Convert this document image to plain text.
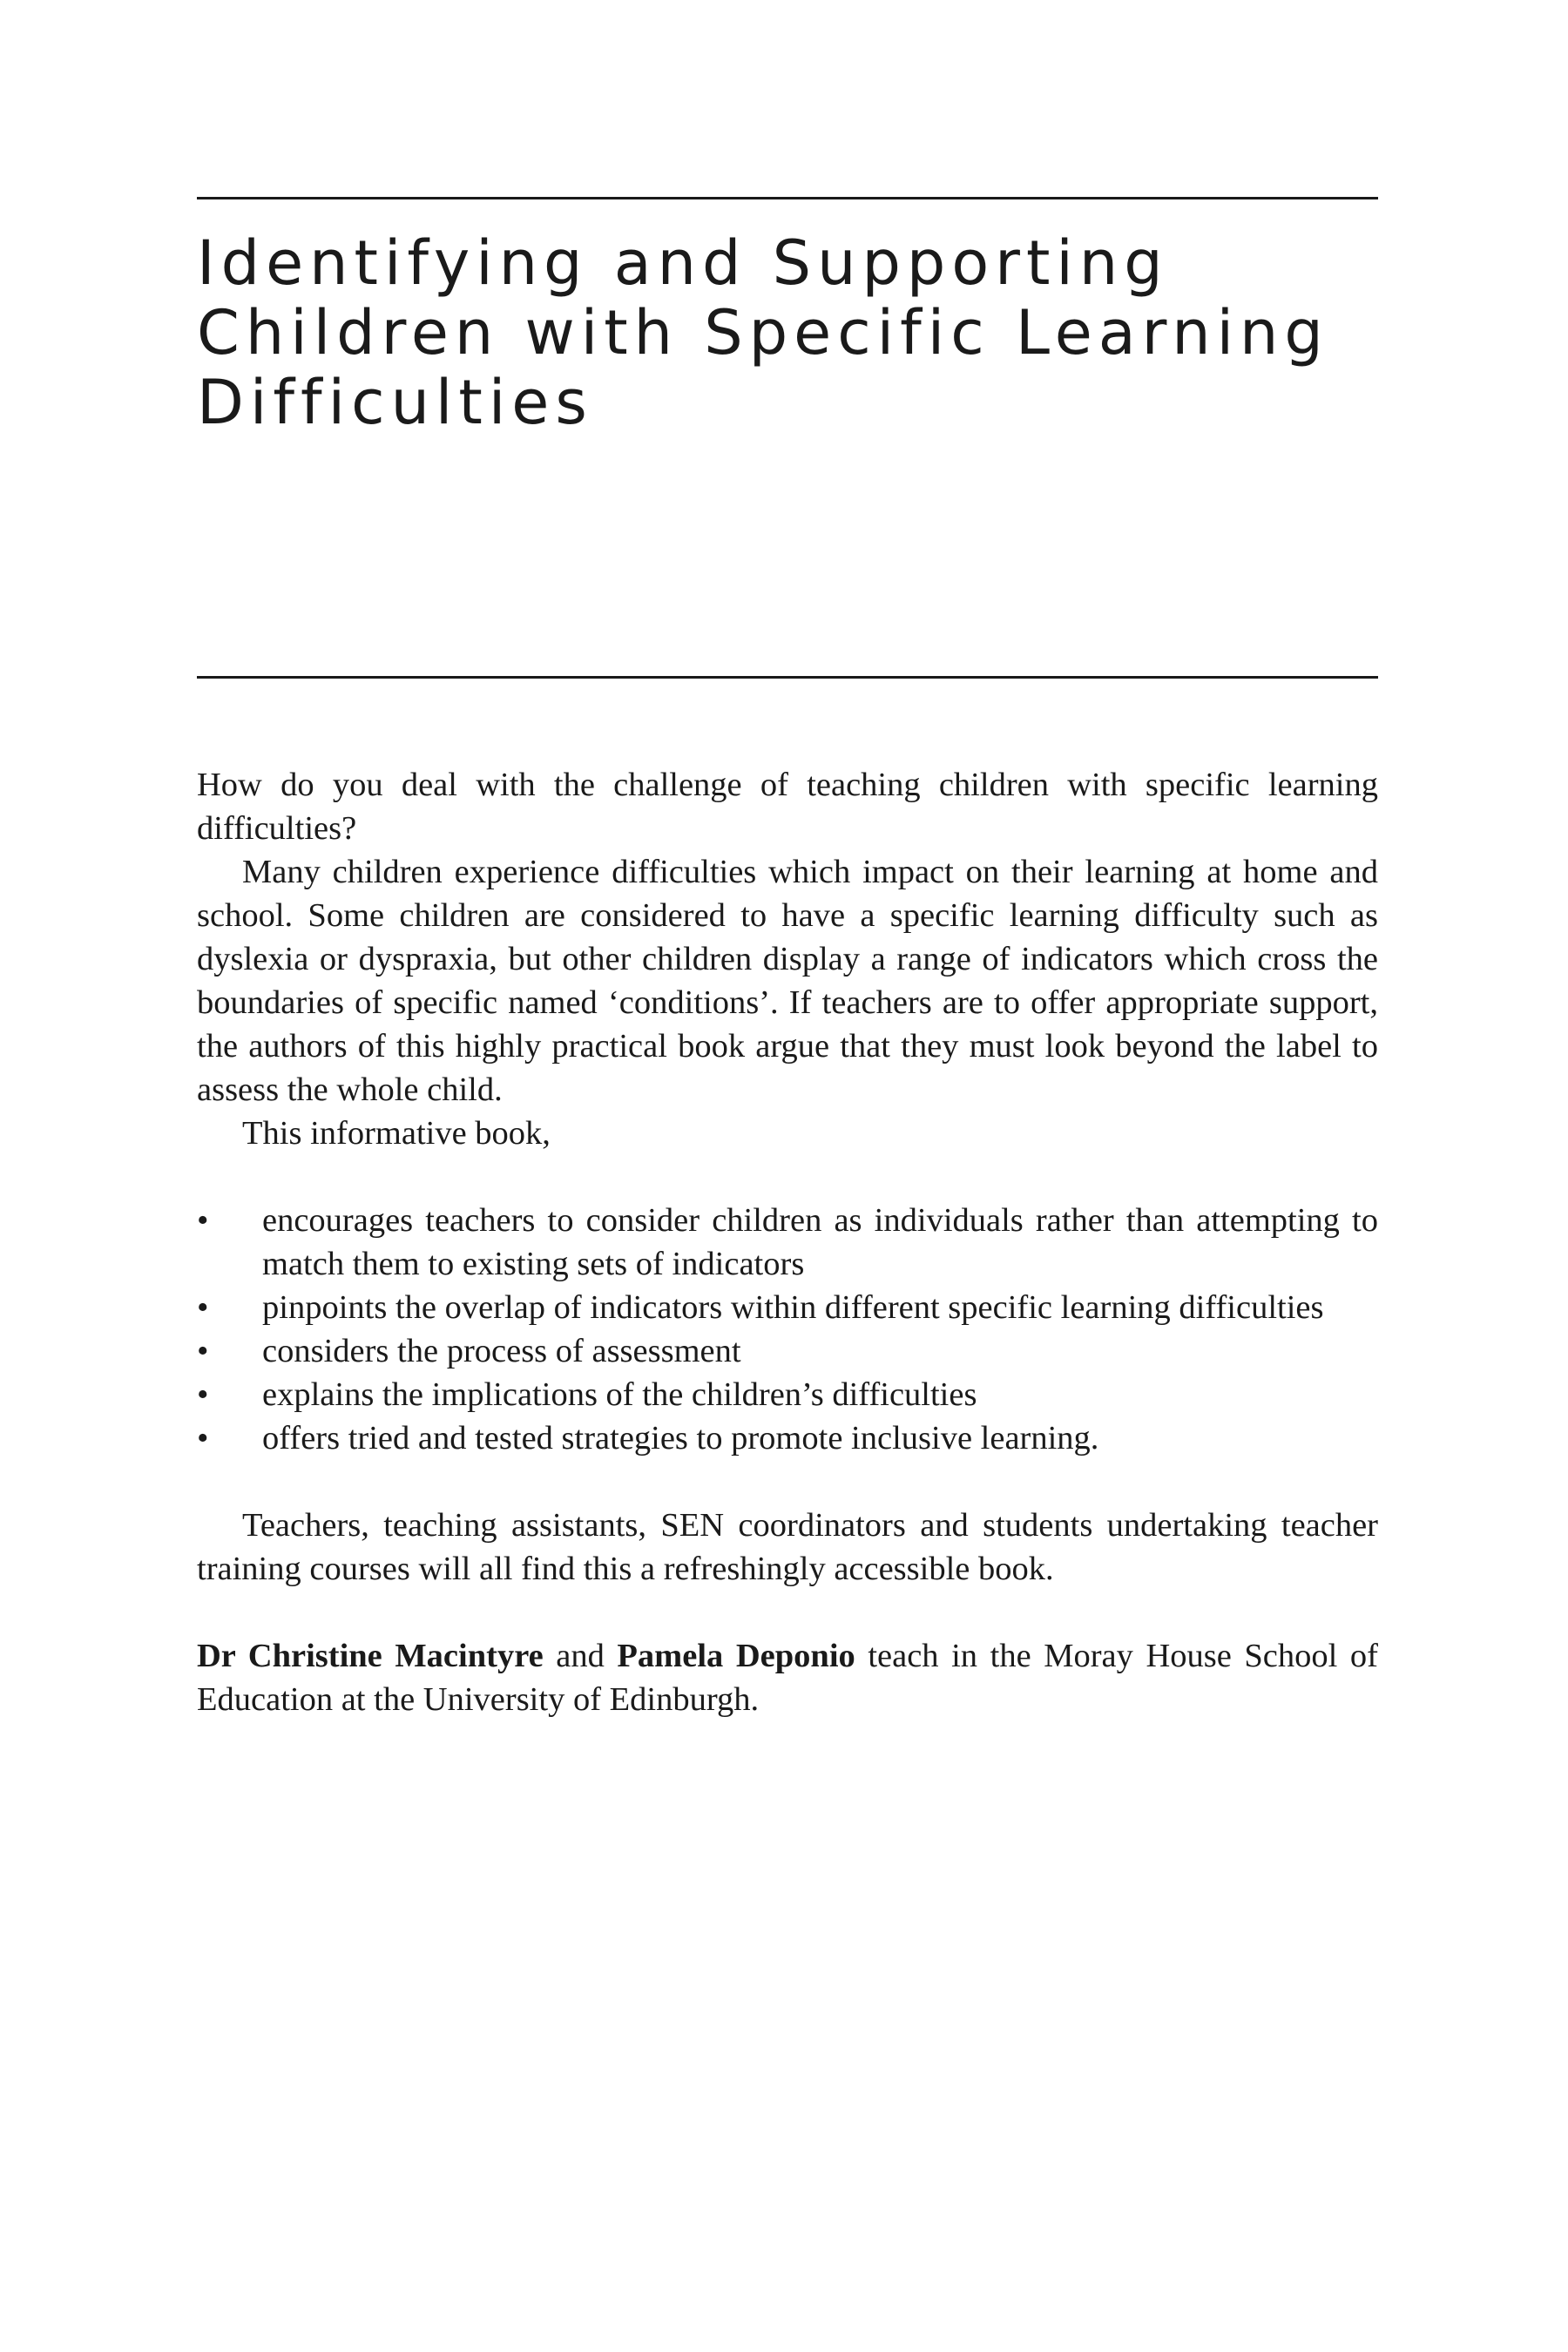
Identifying and Supporting
Children with Specific Learning
Difficulties

How do you deal with the challenge of teaching children with specific learning difficulties?

Many children experience difficulties which impact on their learning at home and school. Some children are considered to have a specific learning difficulty such as dyslexia or dyspraxia, but other children display a range of indicators which cross the boundaries of specific named ‘conditions’. If teachers are to offer appropriate support, the authors of this highly practical book argue that they must look beyond the label to assess the whole child.

This informative book,

•	encourages teachers to consider children as individuals rather than attempting to match them to existing sets of indicators
•	pinpoints the overlap of indicators within different specific learning difficulties
•	considers the process of assessment
•	explains the implications of the children’s difficulties
•	offers tried and tested strategies to promote inclusive learning.

Teachers, teaching assistants, SEN coordinators and students undertaking teacher training courses will all find this a refreshingly accessible book.

Dr Christine Macintyre and Pamela Deponio teach in the Moray House School of Education at the University of Edinburgh.
